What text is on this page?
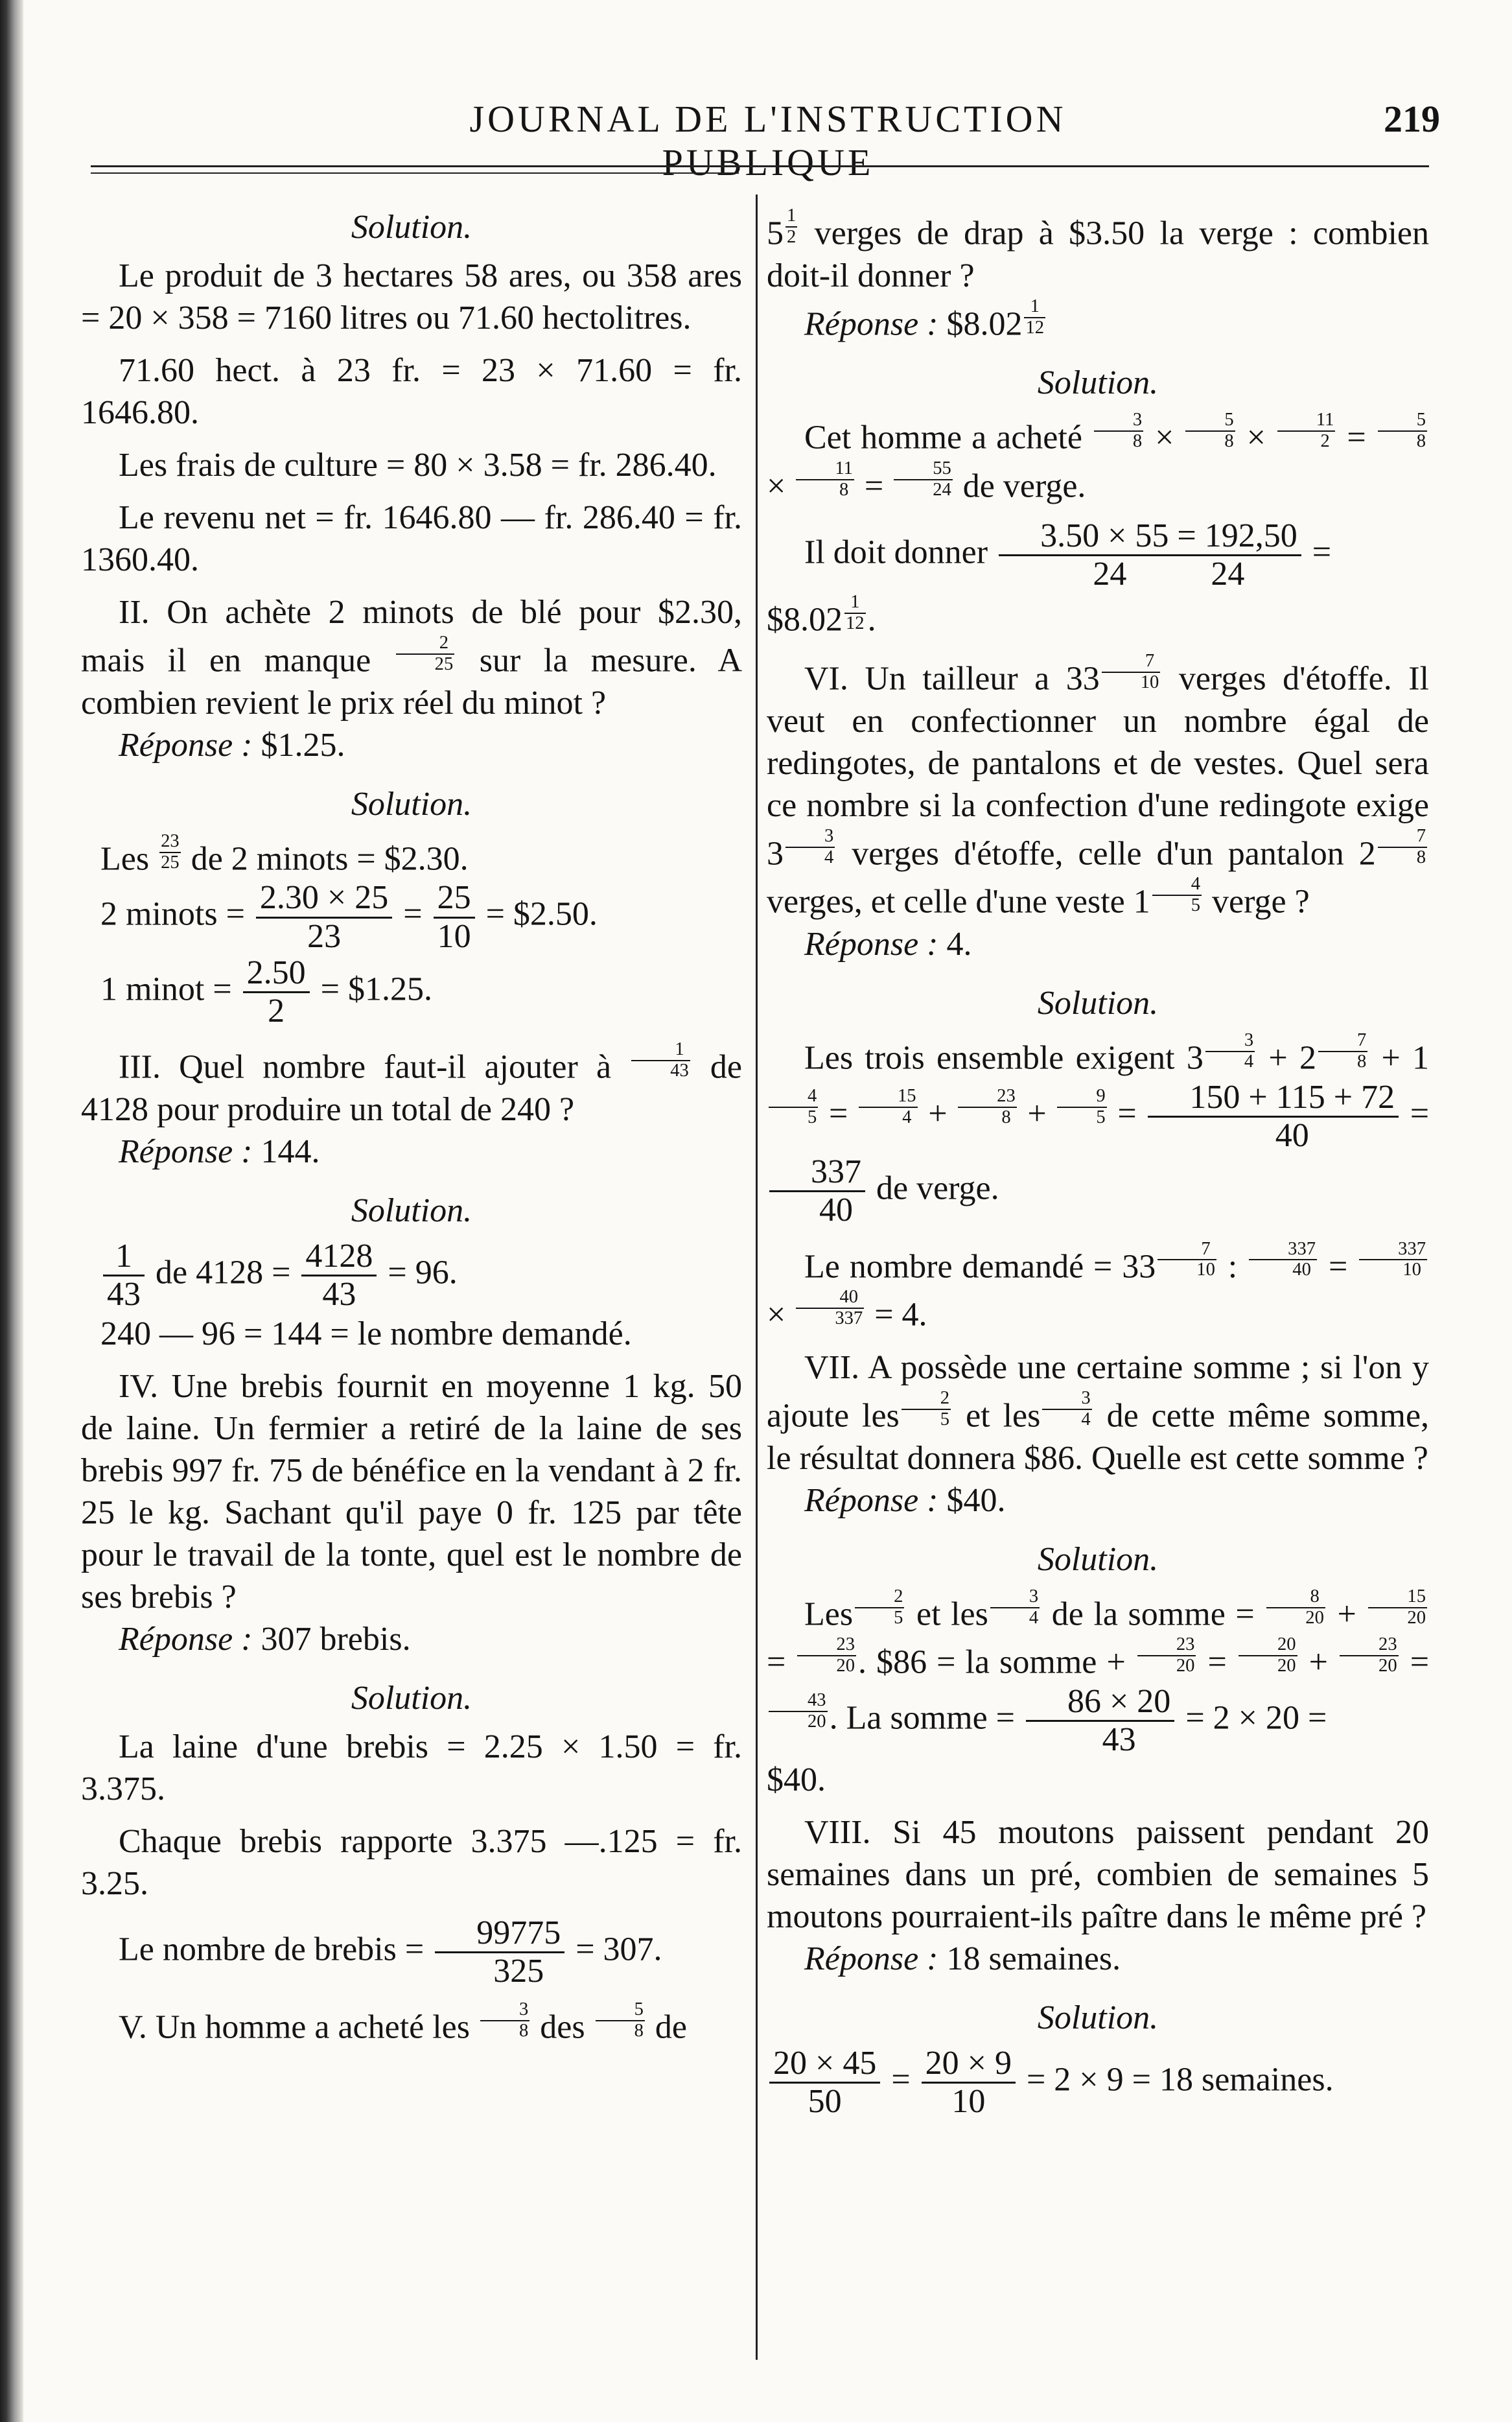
JOURNAL DE L'INSTRUCTION PUBLIQUE
219

Solution.

Le produit de 3 hectares 58 ares, ou 358 ares = 20 × 358 = 7160 litres ou 71.60 hectolitres.

71.60 hect. à 23 fr. = 23 × 71.60 = fr. 1646.80.

Les frais de culture = 80 × 3.58 = fr. 286.40.

Le revenu net = fr. 1646.80 — fr. 286.40 = fr. 1360.40.

II. On achète 2 minots de blé pour $2.30, mais il en manque $\frac{2}{25}$ sur la mesure. A combien revient le prix réel du minot ?

Réponse : $1.25.

Solution.

Les $\frac{23}{25}$ de 2 minots = $2.30.

2 minots = $\frac{2.30 \times 25}{23} = \frac{25}{10}$ = $2.50.

1 minot = $\frac{2.50}{2}$ = $1.25.

III. Quel nombre faut-il ajouter à $\frac{1}{43}$ de 4128 pour produire un total de 240 ?

Réponse : 144.

Solution.

$\frac{1}{43}$ de $4128 = \frac{4128}{43} = 96$.

240 — 96 = 144 = le nombre demandé.

IV. Une brebis fournit en moyenne 1 kg. 50 de laine. Un fermier a retiré de la laine de ses brebis 997 fr. 75 de bénéfice en la vendant à 2 fr. 25 le kg. Sachant qu'il paye 0 fr. 125 par tête pour le travail de la tonte, quel est le nombre de ses brebis ?

Réponse : 307 brebis.

Solution.

La laine d'une brebis = 2.25 × 1.50 = fr. 3.375.

Chaque brebis rapporte 3.375 —.125 = fr. 3.25.

Le nombre de brebis = $\frac{99775}{325} = 307$.

V. Un homme a acheté les $\frac{3}{8}$ des $\frac{5}{8}$ de

$5 \frac{1}{2}$ verges de drap à $3.50 la verge : combien doit-il donner ?

Réponse : $8.02 $\frac{1}{12}$

Solution.

Cet homme a acheté $\frac{3}{8} \times \frac{5}{8} \times \frac{11}{2} = \frac{5}{8}$
× $\frac{11}{8} = \frac{55}{24}$ de verge.

Il doit donner $\frac{3.50 \times 55 = 192,50}{24 24}$ =

$8.02 $\frac{1}{12}$ .

VI. Un tailleur a $33 \frac{7}{10}$ verges d'étoffe. Il veut en confectionner un nombre égal de redingotes, de pantalons et de vestes. Quel sera ce nombre si la confection d'une redingote exige $3 \frac{3}{4}$ verges d'étoffe, celle d'un pantalon $2 \frac{7}{8}$
verges, et celle d'une veste $1 \frac{4}{5}$ verge ?

Réponse : 4.

Solution.

Les trois ensemble exigent $3 \frac{3}{4} + 2 \frac{7}{8} + 1$
$\frac{4}{5} = \frac{15}{4} + \frac{23}{8} + \frac{9}{5} = \frac{150 + 115 + 72}{40}$ =
$\frac{337}{40}$ de verge.

Le nombre demandé = $33 \frac{7}{10}$ : $\frac{337}{40} = \frac{337}{10}$
× $\frac{40}{337} = 4$.

VII. A possède une certaine somme ; si l'on y ajoute les $\frac{2}{5}$ et les $\frac{3}{4}$ de cette même somme, le résultat donnera $86. Quelle est cette somme ?

Réponse : $40.

Solution.

Les $\frac{2}{5}$ et les $\frac{3}{4}$ de la somme = $\frac{8}{20} + \frac{15}{20}$
= $\frac{23}{20}$ . $86 = la somme + $\frac{23}{20} = \frac{20}{20} + \frac{23}{20}$ =
$\frac{43}{20}$ . La somme = $\frac{86 \times 20}{43} = 2 \times 20$ =

$40.

VIII. Si 45 moutons paissent pendant 20 semaines dans un pré, combien de semaines 5 moutons pourraient-ils paître dans le même pré ?

Réponse : 18 semaines.

Solution.

$\frac{20 \times 45}{50} = \frac{20 \times 9}{10} = 2 \times 9 = 18$ semaines.
